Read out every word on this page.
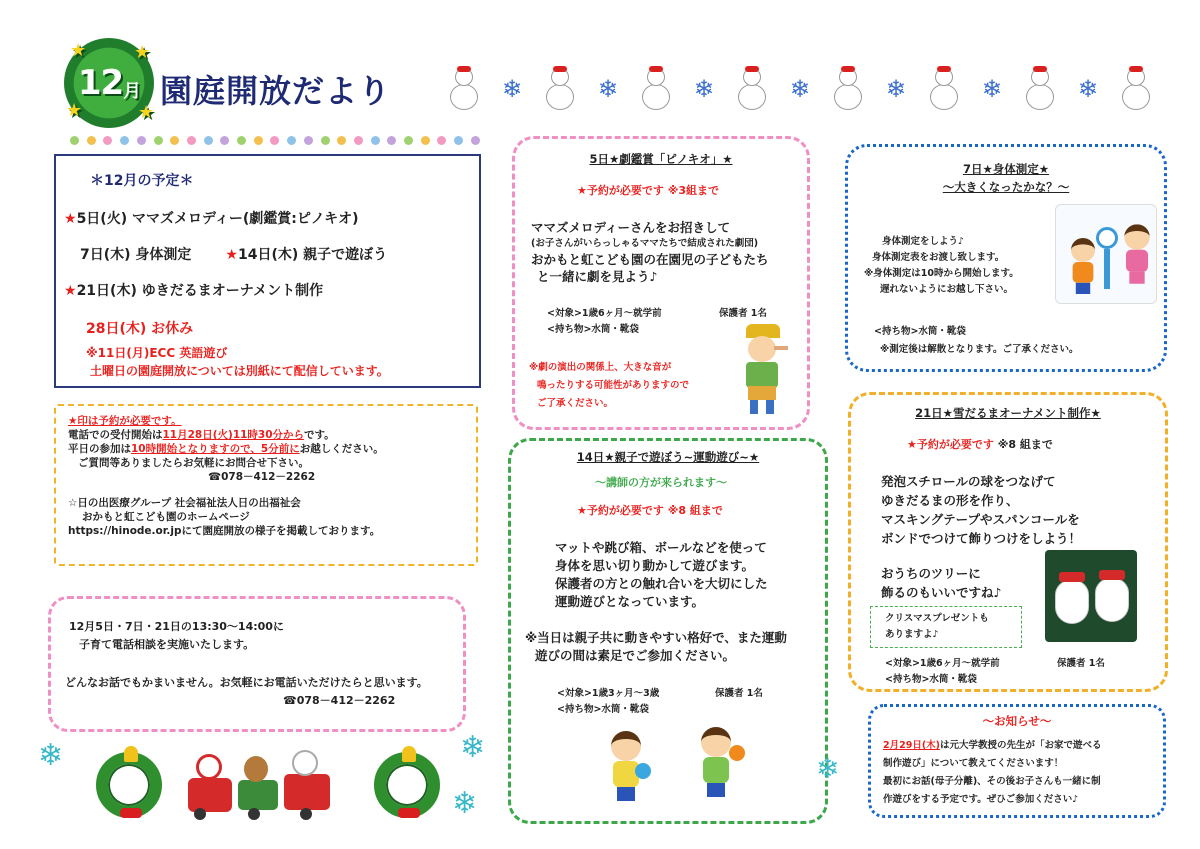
12 月
★	★
★	★
園庭開放だより	❄	❄	❄	❄	❄	❄	❄
＊12月の予定＊
★5日(火) ママズメロディー(劇鑑賞:ピノキオ)
7日(木) 身体測定 ★14日(木) 親子で遊ぼう
★21日(木) ゆきだるまオーナメント制作
28日(木) お休み
※11日(月)ECC 英語遊び
土曜日の園庭開放については別紙にて配信しています。
★印は予約が必要です。
電話での受付開始は11月28日(火)11時30分からです。
平日の参加は10時開始となりますので、5分前にお越しください。
ご質問等ありましたらお気軽にお問合せ下さい。
☎078－412－2262
☆日の出医療グループ 社会福祉法人日の出福祉会
おかもと虹こども園のホームページ
https://hinode.or.jpにて園庭開放の様子を掲載しております。
12月5日・7日・21日の13:30～14:00に
子育て電話相談を実施いたします。
どんなお話でもかまいません。お気軽にお電話いただけたらと思います。
☎078－412－2262
❄	❄
❄
5日★劇鑑賞「ピノキオ」★
★予約が必要です ※3組まで
ママズメロディーさんをお招きして
(お子さんがいらっしゃるママたちで結成された劇団)
おかもと虹こども園の在園児の子どもたち
と一緒に劇を見よう♪
<対象>1歳6ヶ月～就学前	保護者 1名
<持ち物>水筒・靴袋
※劇の演出の関係上、大きな音が
鳴ったりする可能性がありますので
ご了承ください。
14日★親子で遊ぼう~運動遊び~★
～講師の方が来られます～
★予約が必要です ※8 組まで
マットや跳び箱、ボールなどを使って
身体を思い切り動かして遊びます。
保護者の方との触れ合いを大切にした
運動遊びとなっています。
※当日は親子共に動きやすい格好で、また運動
遊びの間は素足でご参加ください。
<対象>1歳3ヶ月～3歳	保護者 1名
<持ち物>水筒・靴袋
❄
7日★身体測定★
～大きくなったかな？～
身体測定をしよう♪
身体測定表をお渡し致します。
※身体測定は10時から開始します。
遅れないようにお越し下さい。
<持ち物>水筒・靴袋
※測定後は解散となります。ご了承ください。
21日★雪だるまオーナメント制作★
★予約が必要です ※8 組まで
発泡スチロールの球をつなげて
ゆきだるまの形を作り、
マスキングテープやスパンコールを
ボンドでつけて飾りつけをしよう！
おうちのツリーに
飾るのもいいですね♪
<対象>1歳6ヶ月～就学前	保護者 1名
<持ち物>水筒・靴袋
クリスマスプレゼントも
ありますよ♪
～お知らせ～
2月29日(木)は元大学教授の先生が「お家で遊べる
制作遊び」について教えてくださいます！
最初にお話(母子分離)、その後お子さんも一緒に制
作遊びをする予定です。ぜひご参加ください♪
